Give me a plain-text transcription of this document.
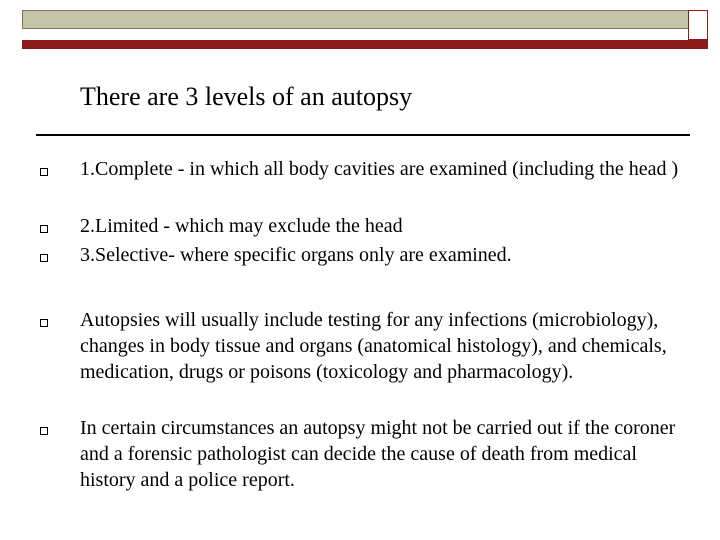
There are 3 levels of an autopsy
1.Complete - in which all body cavities are examined (including the head )
2.Limited - which may exclude the head
3.Selective- where specific organs only are examined.
Autopsies will usually include testing for any infections (microbiology), changes in body tissue and organs (anatomical histology), and chemicals, medication, drugs or poisons (toxicology and pharmacology).
In certain circumstances an autopsy might not be carried out if the coroner and a forensic pathologist can decide the cause of death from medical history and a police report.
